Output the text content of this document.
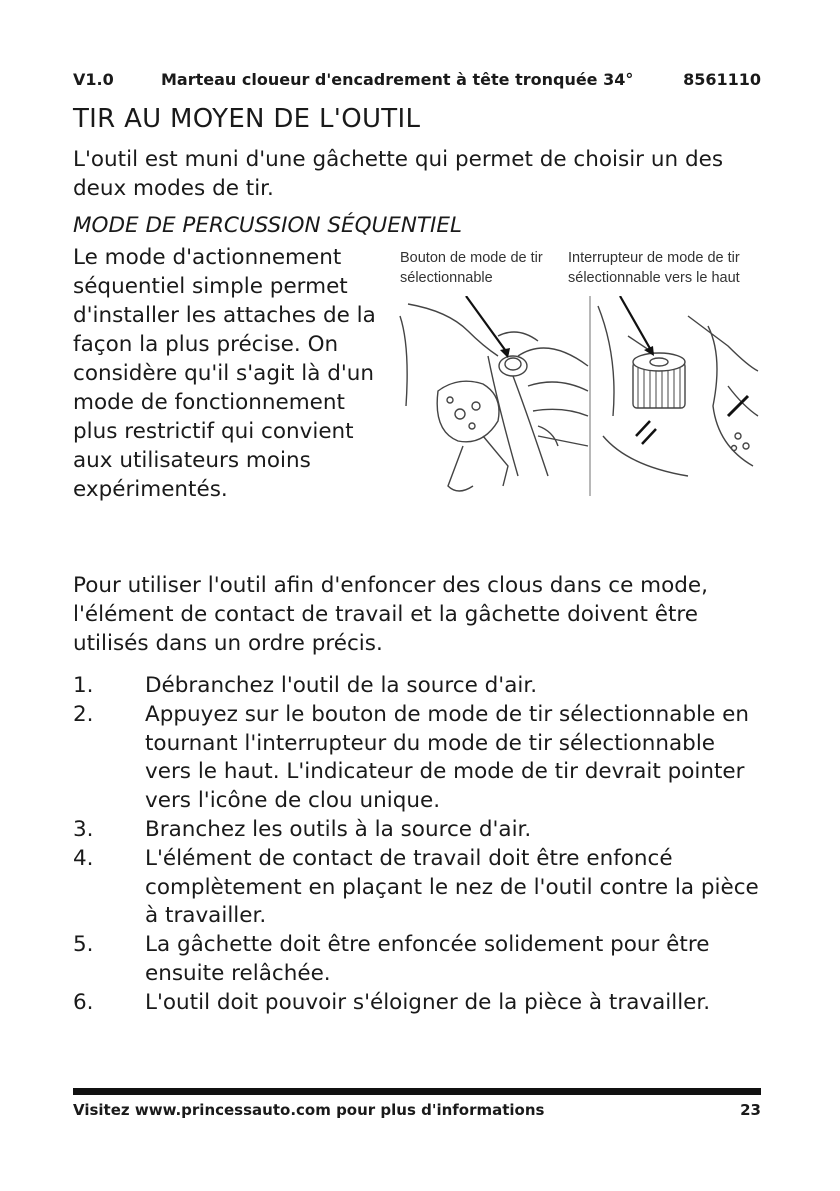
V1.0	Marteau cloueur d'encadrement à tête tronquée 34°	8561110
TIR AU MOYEN DE L'OUTIL

L'outil est muni d'une gâchette qui permet de choisir un des deux modes de tir.

MODE DE PERCUSSION SÉQUENTIEL

Le mode d'actionnement séquentiel simple permet d'installer les attaches de la façon la plus précise. On considère qu'il s'agit là d'un mode de fonctionnement plus restrictif qui convient aux utilisateurs moins expérimentés.

Bouton de mode de tir sélectionnable

Interrupteur de mode de tir sélectionnable vers le haut

Pour utiliser l'outil afin d'enfoncer des clous dans ce mode, l'élément de contact de travail et la gâchette doivent être utilisés dans un ordre précis.

1. Débranchez l'outil de la source d'air.
2. Appuyez sur le bouton de mode de tir sélectionnable en tournant l'interrupteur du mode de tir sélectionnable vers le haut. L'indicateur de mode de tir devrait pointer vers l'icône de clou unique.
3. Branchez les outils à la source d'air.
4. L'élément de contact de travail doit être enfoncé complètement en plaçant le nez de l'outil contre la pièce à travailler.
5. La gâchette doit être enfoncée solidement pour être ensuite relâchée.
6. L'outil doit pouvoir s'éloigner de la pièce à travailler.
Visitez www.princessauto.com pour plus d'informations	23
